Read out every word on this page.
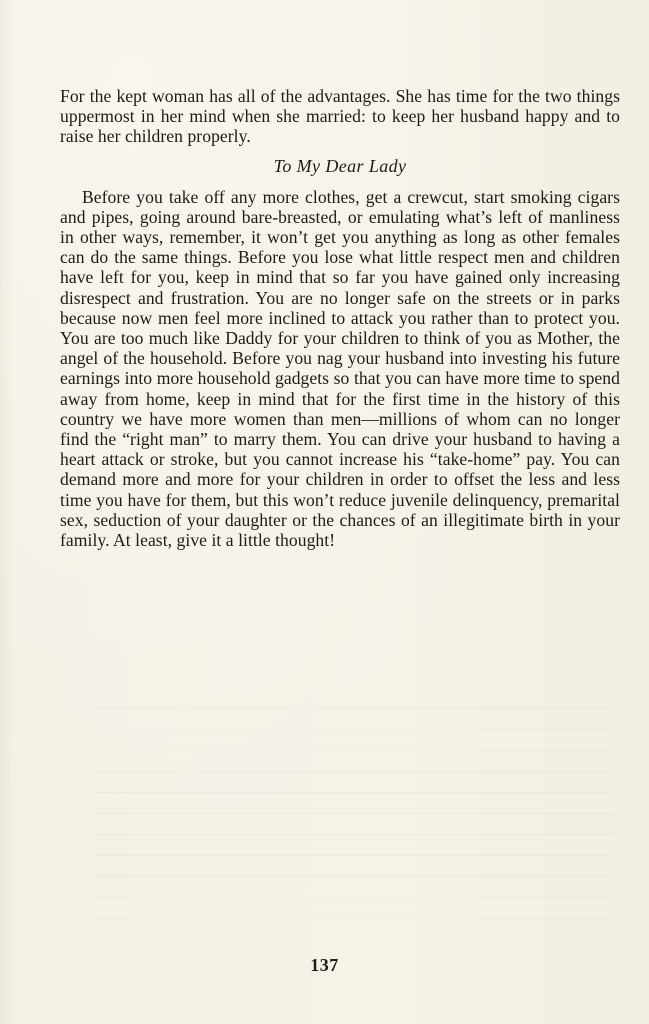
For the kept woman has all of the advantages. She has time for the two things uppermost in her mind when she married: to keep her husband happy and to raise her children properly.

To My Dear Lady

Before you take off any more clothes, get a crewcut, start smoking cigars and pipes, going around bare-breasted, or emulating what’s left of manliness in other ways, remember, it won’t get you anything as long as other females can do the same things. Before you lose what little respect men and children have left for you, keep in mind that so far you have gained only increasing disrespect and frustration. You are no longer safe on the streets or in parks because now men feel more inclined to attack you rather than to protect you. You are too much like Daddy for your children to think of you as Mother, the angel of the household. Before you nag your husband into investing his future earnings into more household gadgets so that you can have more time to spend away from home, keep in mind that for the first time in the history of this country we have more women than men—millions of whom can no longer find the “right man” to marry them. You can drive your husband to having a heart attack or stroke, but you cannot increase his “take-home” pay. You can demand more and more for your children in order to offset the less and less time you have for them, but this won’t reduce juvenile delinquency, premarital sex, seduction of your daughter or the chances of an illegitimate birth in your family. At least, give it a little thought!

137
